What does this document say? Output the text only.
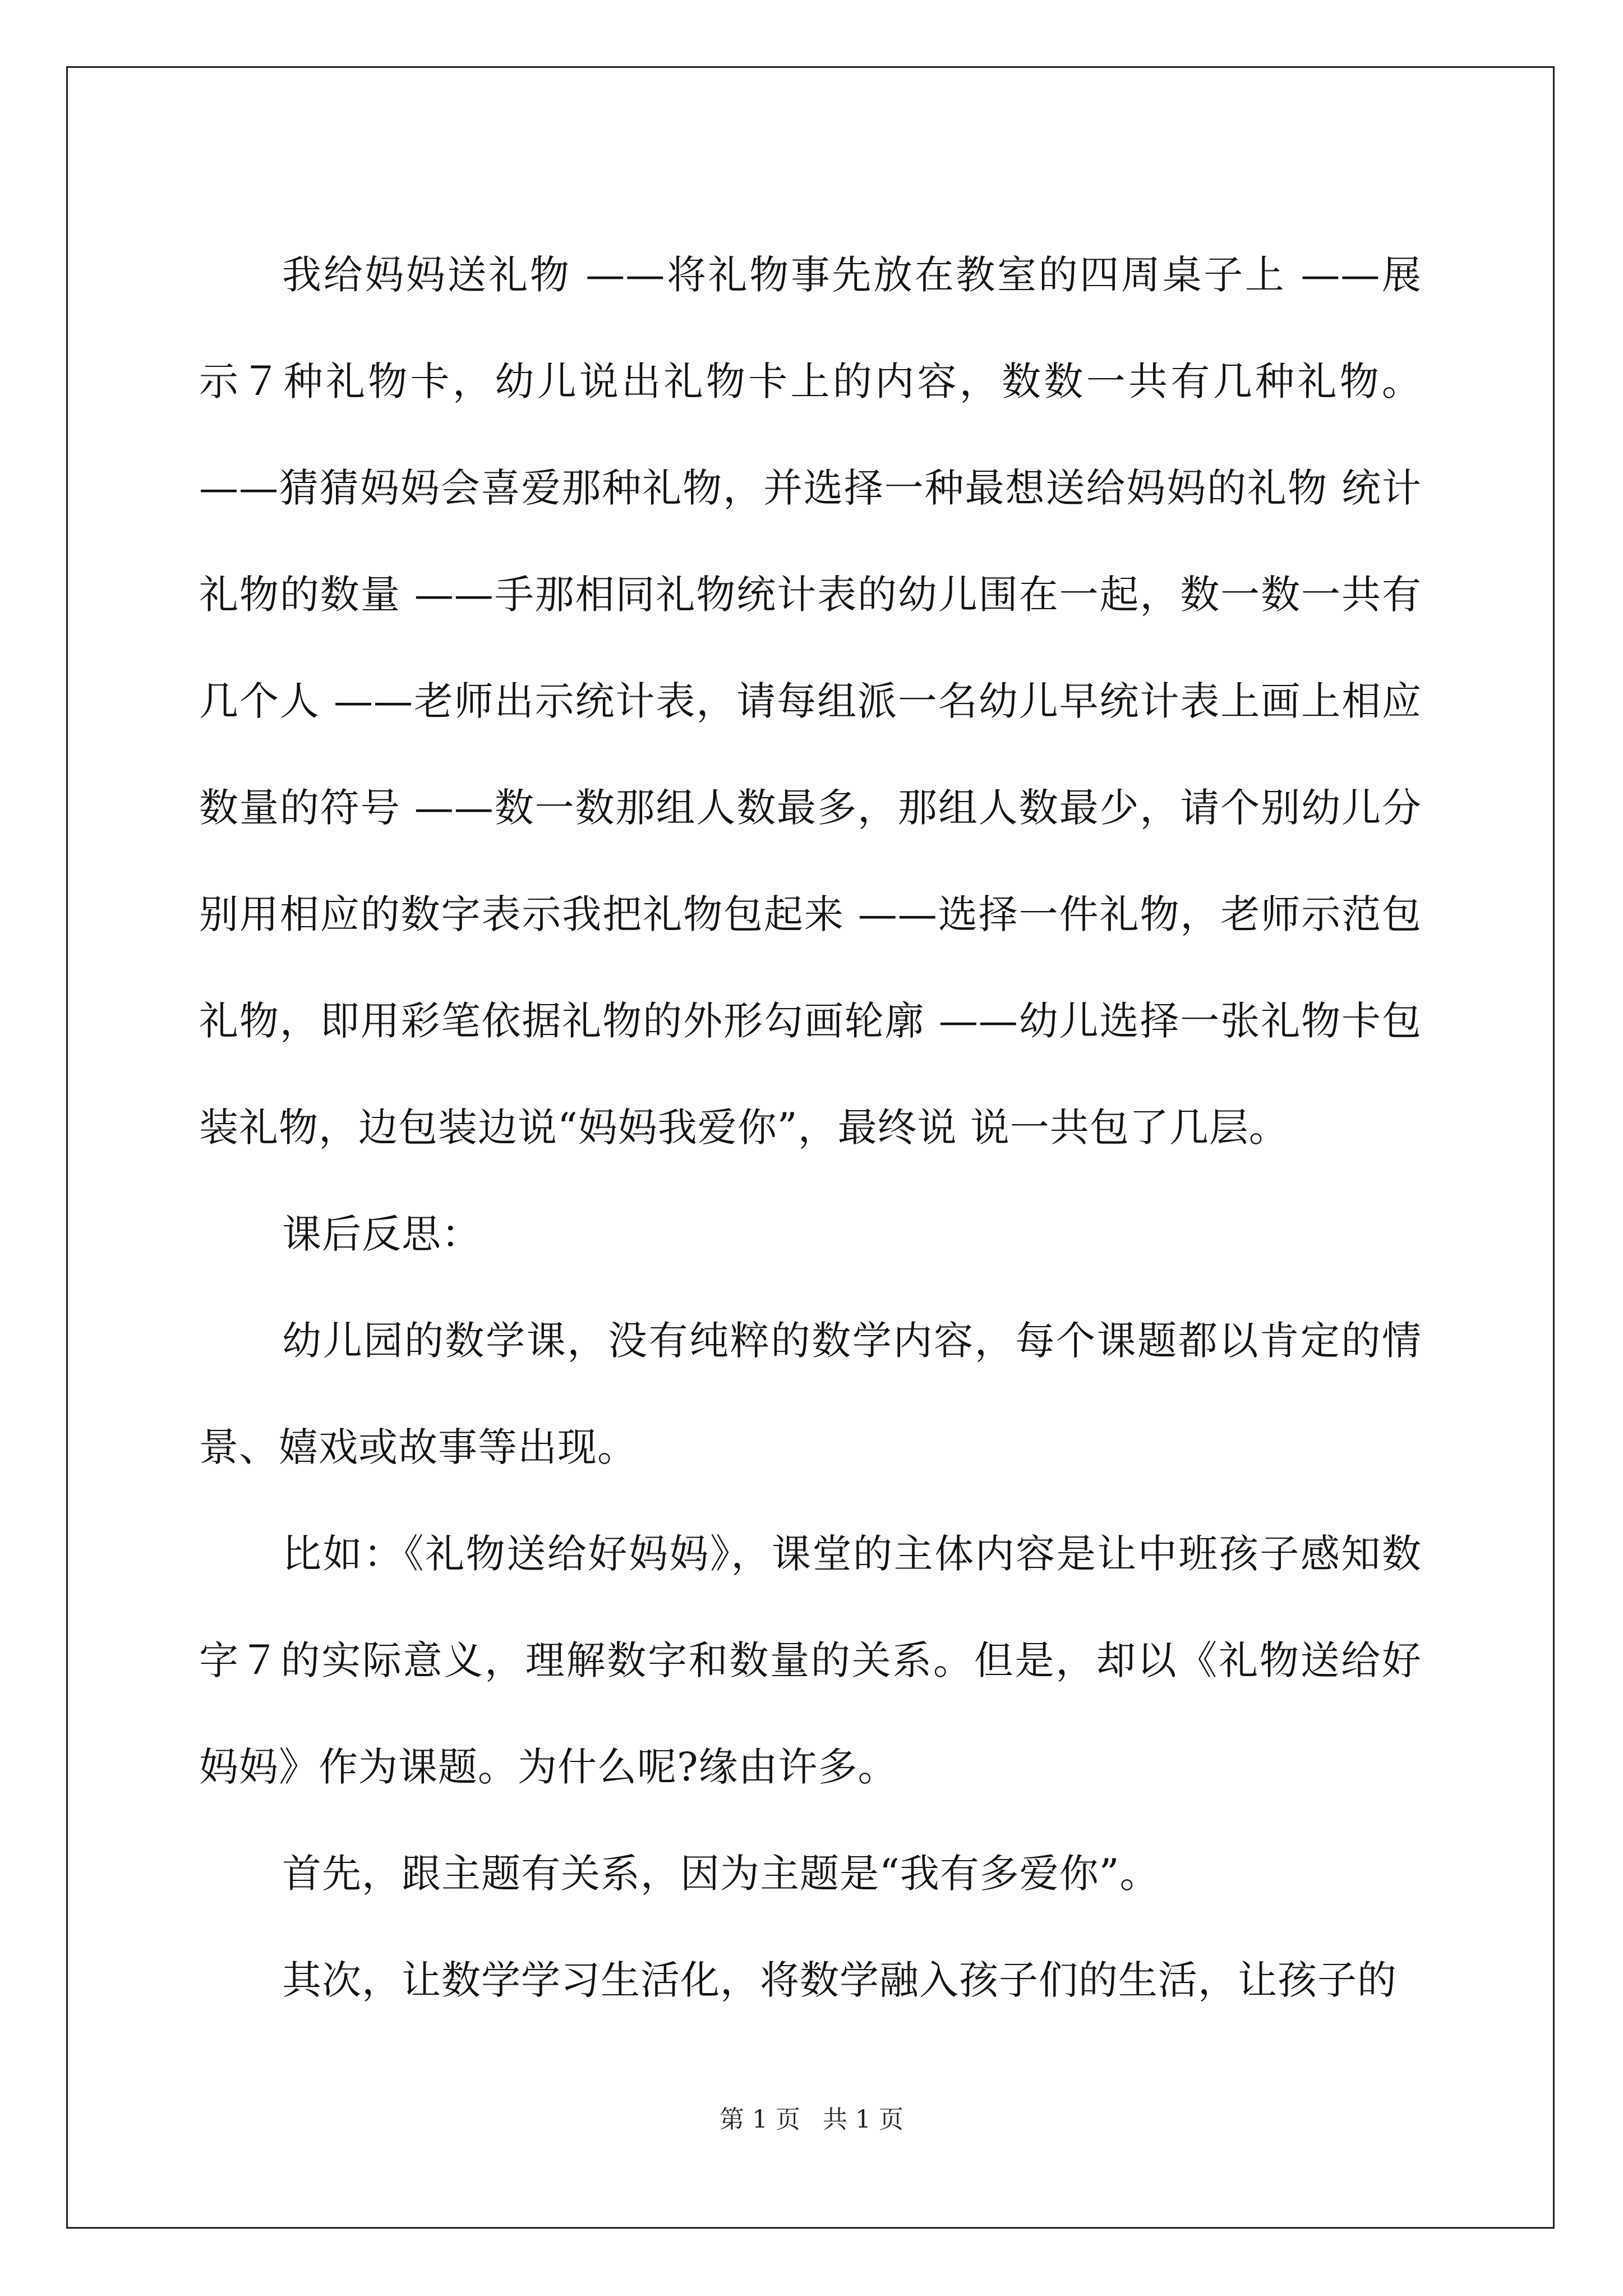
我给妈妈送礼物 ——将礼物事先放在教室的四周桌子上 ——展示７种礼物卡，幼儿说出礼物卡上的内容，数数一共有几种礼物。——猜猜妈妈会喜爱那种礼物，并选择一种最想送给妈妈的礼物 统计礼物的数量 ——手那相同礼物统计表的幼儿围在一起，数一数一共有几个人 ——老师出示统计表，请每组派一名幼儿早统计表上画上相应数量的符号 ——数一数那组人数最多，那组人数最少，请个别幼儿分别用相应的数字表示我把礼物包起来 ——选择一件礼物，老师示范包礼物，即用彩笔依据礼物的外形勾画轮廓 ——幼儿选择一张礼物卡包装礼物，边包装边说“妈妈我爱你”，最终说 说一共包了几层。

课后反思：

幼儿园的数学课，没有纯粹的数学内容，每个课题都以肯定的情景、嬉戏或故事等出现。

比如：《礼物送给好妈妈》，课堂的主体内容是让中班孩子感知数字７的实际意义，理解数字和数量的关系。但是，却以《礼物送给好妈妈》作为课题。为什么呢?缘由许多。

首先，跟主题有关系，因为主题是“我有多爱你”。

其次，让数学学习生活化，将数学融入孩子们的生活，让孩子的

第 1 页 共 1 页
